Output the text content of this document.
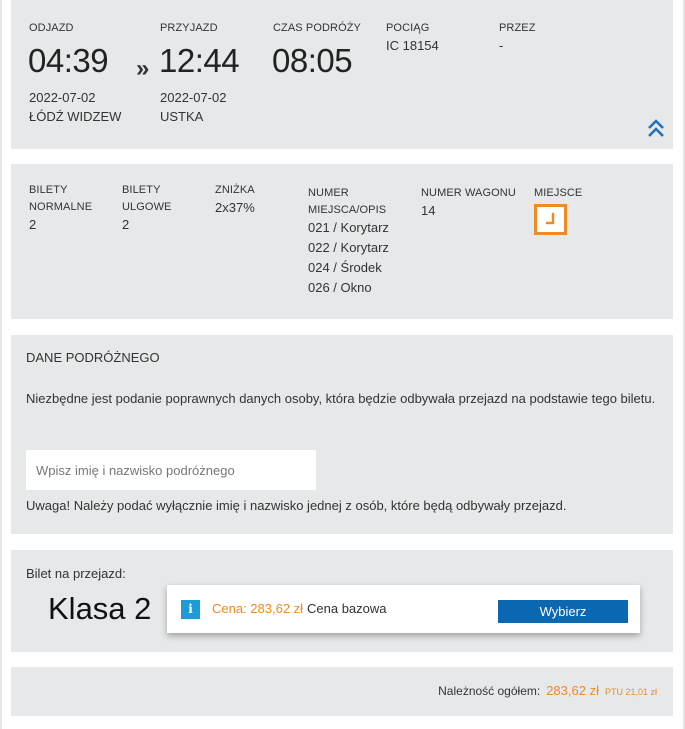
ODJAZD
04:39
2022-07-02
ŁÓDŹ WIDZEW
»
PRZYJAZD
12:44
2022-07-02
USTKA
CZAS PODRÓŻY
08:05
POCIĄG
IC 18154
PRZEZ
-
BILETY
NORMALNE
2
BILETY
ULGOWE
2
ZNIŻKA
2x37%
NUMER
MIEJSCA/OPIS
021 / Korytarz
022 / Korytarz
024 / Środek
026 / Okno
NUMER WAGONU
14
MIEJSCE
DANE PODRÓŻNEGO
Niezbędne jest podanie poprawnych danych osoby, która będzie odbywała przejazd na podstawie tego biletu.
Wpisz imię i nazwisko podróżnego
Uwaga! Należy podać wyłącznie imię i nazwisko jednej z osób, które będą odbywały przejazd.
Bilet na przejazd:
Klasa 2	i	Cena: 283,62 zł Cena bazowa	Wybierz
Należność ogółem: 283,62 zł PTU 21,01 zł
